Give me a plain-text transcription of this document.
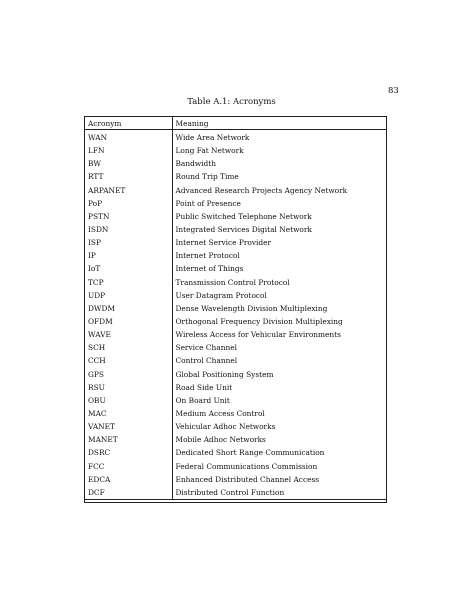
83
Table A.1: Acronyms
Acronym	Meaning
WAN	Wide Area Network
LFN	Long Fat Network
BW	Bandwidth
RTT	Round Trip Time
ARPANET	Advanced Research Projects Agency Network
PoP	Point of Presence
PSTN	Public Switched Telephone Network
ISDN	Integrated Services Digital Network
ISP	Internet Service Provider
IP	Internet Protocol
IoT	Internet of Things
TCP	Transmission Control Protocol
UDP	User Datagram Protocol
DWDM	Dense Wavelength Division Multiplexing
OFDM	Orthogonal Frequency Division Multiplexing
WAVE	Wireless Access for Vehicular Environments
SCH	Service Channel
CCH	Control Channel
GPS	Global Positioning System
RSU	Road Side Unit
OBU	On Board Unit
MAC	Medium Access Control
VANET	Vehicular Adhoc Networks
MANET	Mobile Adhoc Networks
DSRC	Dedicated Short Range Communication
FCC	Federal Communications Commission
EDCA	Enhanced Distributed Channel Access
DCF	Distributed Control Function
